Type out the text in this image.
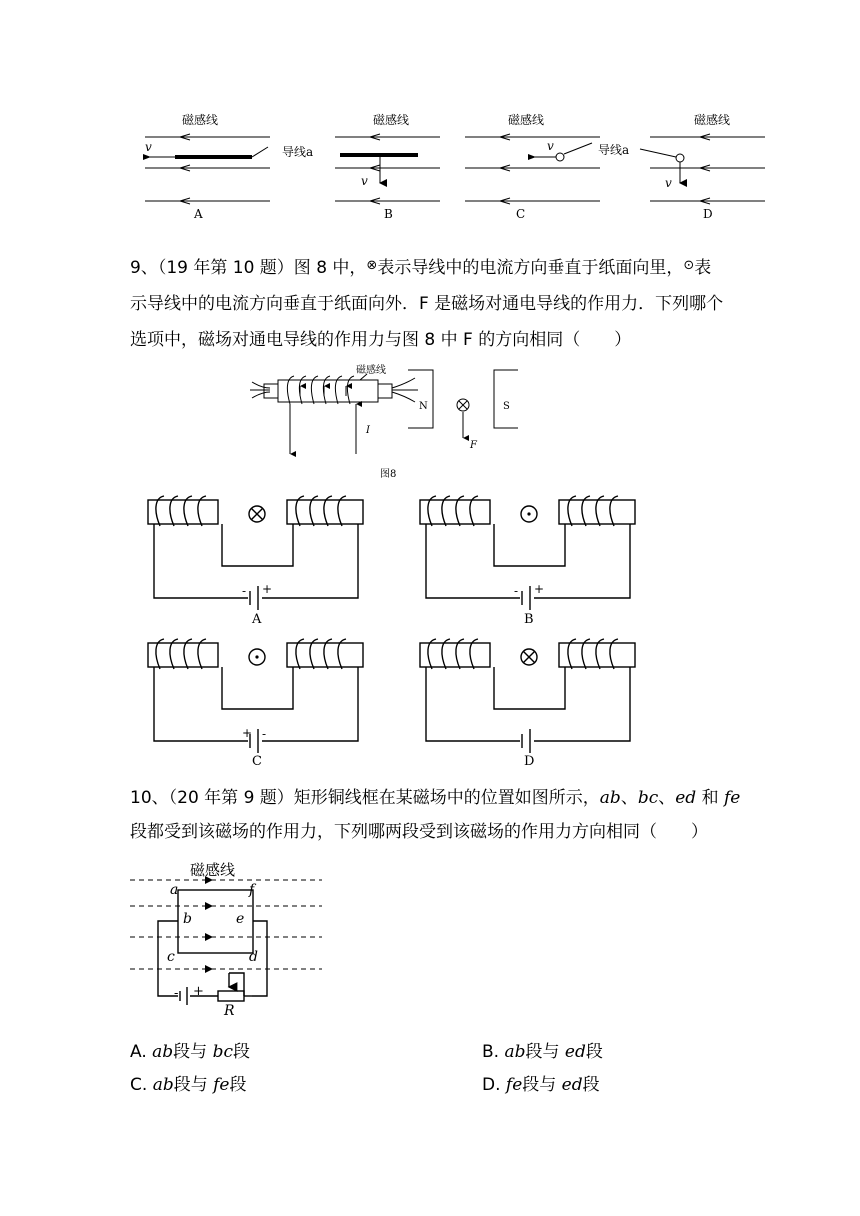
磁感线	磁感线	磁感线	磁感线
v	导线a
v
v	导线a
v
A	B	C	D
9、（19 年第 10 题）图 8 中，⊗表示导线中的电流方向垂直于纸面向里，⊙表
示导线中的电流方向垂直于纸面向外．F 是磁场对通电导线的作用力．下列哪个
选项中，磁场对通电导线的作用力与图 8 中 F 的方向相同（　　）
磁感线
N	S
I
F
图8
- +
A
- +
B
+ -
C	D
10、（20 年第 9 题）矩形铜线框在某磁场中的位置如图所示，ab、bc、ed 和 fe
段都受到该磁场的作用力，下列哪两段受到该磁场的作用力方向相同（　　）
磁感线
a	f
b	e
c	d
- +
R
A. ab段与 bc段	B. ab段与 ed段
C. ab段与 fe段	D. fe段与 ed段
